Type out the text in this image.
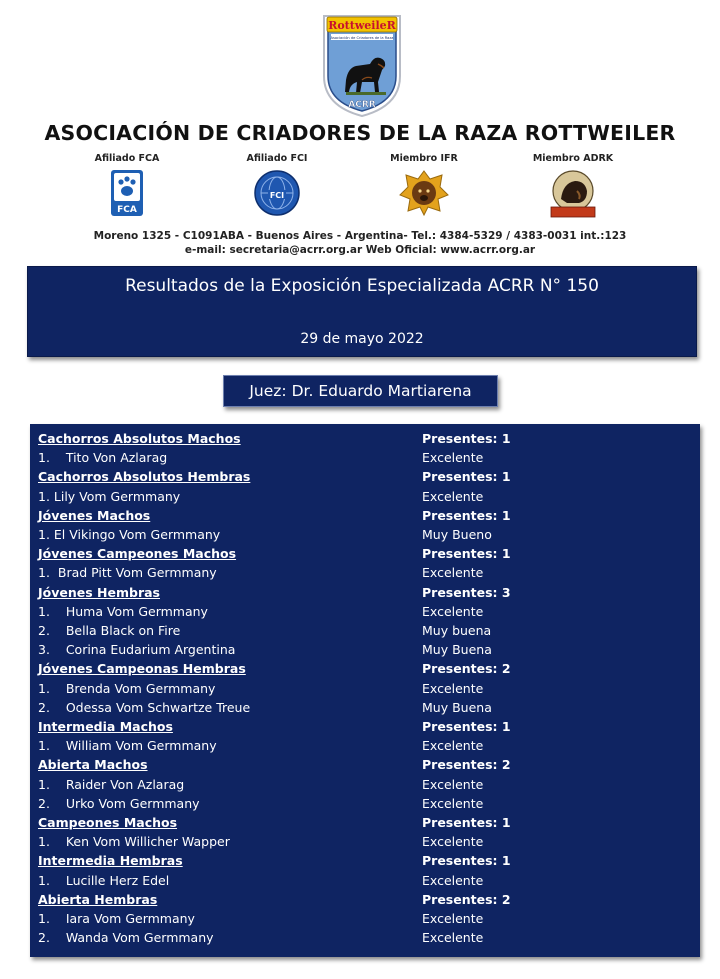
RottweileR
Asociación de Criadores de la Raza
ACRR
ASOCIACIÓN DE CRIADORES DE LA RAZA ROTTWEILER
Afiliado FCA
FCA
Afiliado FCI
FCI
Miembro IFR	Miembro ADRK
Moreno 1325 - C1091ABA - Buenos Aires - Argentina- Tel.: 4384-5329 / 4383-0031 int.:123
e-mail: secretaria@acrr.org.ar Web Oficial: www.acrr.org.ar
Resultados de la Exposición Especializada ACRR N° 150
29 de mayo 2022
Juez: Dr. Eduardo Martiarena
Cachorros Absolutos Machos	Presentes: 1
1.    Tito Von Azlarag	Excelente
Cachorros Absolutos Hembras	Presentes: 1
1. Lily Vom Germmany	Excelente
Jóvenes Machos	Presentes: 1
1. El Vikingo Vom Germmany	Muy Bueno
Jóvenes Campeones Machos	Presentes: 1
1.  Brad Pitt Vom Germmany	Excelente
Jóvenes Hembras	Presentes: 3
1.    Huma Vom Germmany	Excelente
2.    Bella Black on Fire	Muy buena
3.    Corina Eudarium Argentina	Muy Buena
Jóvenes Campeonas Hembras	Presentes: 2
1.    Brenda Vom Germmany	Excelente
2.    Odessa Vom Schwartze Treue	Muy Buena
Intermedia Machos	Presentes: 1
1.    William Vom Germmany	Excelente
Abierta Machos	Presentes: 2
1.    Raider Von Azlarag	Excelente
2.    Urko Vom Germmany	Excelente
Campeones Machos	Presentes: 1
1.    Ken Vom Willicher Wapper	Excelente
Intermedia Hembras	Presentes: 1
1.    Lucille Herz Edel	Excelente
Abierta Hembras	Presentes: 2
1.    Iara Vom Germmany	Excelente
2.    Wanda Vom Germmany	Excelente
